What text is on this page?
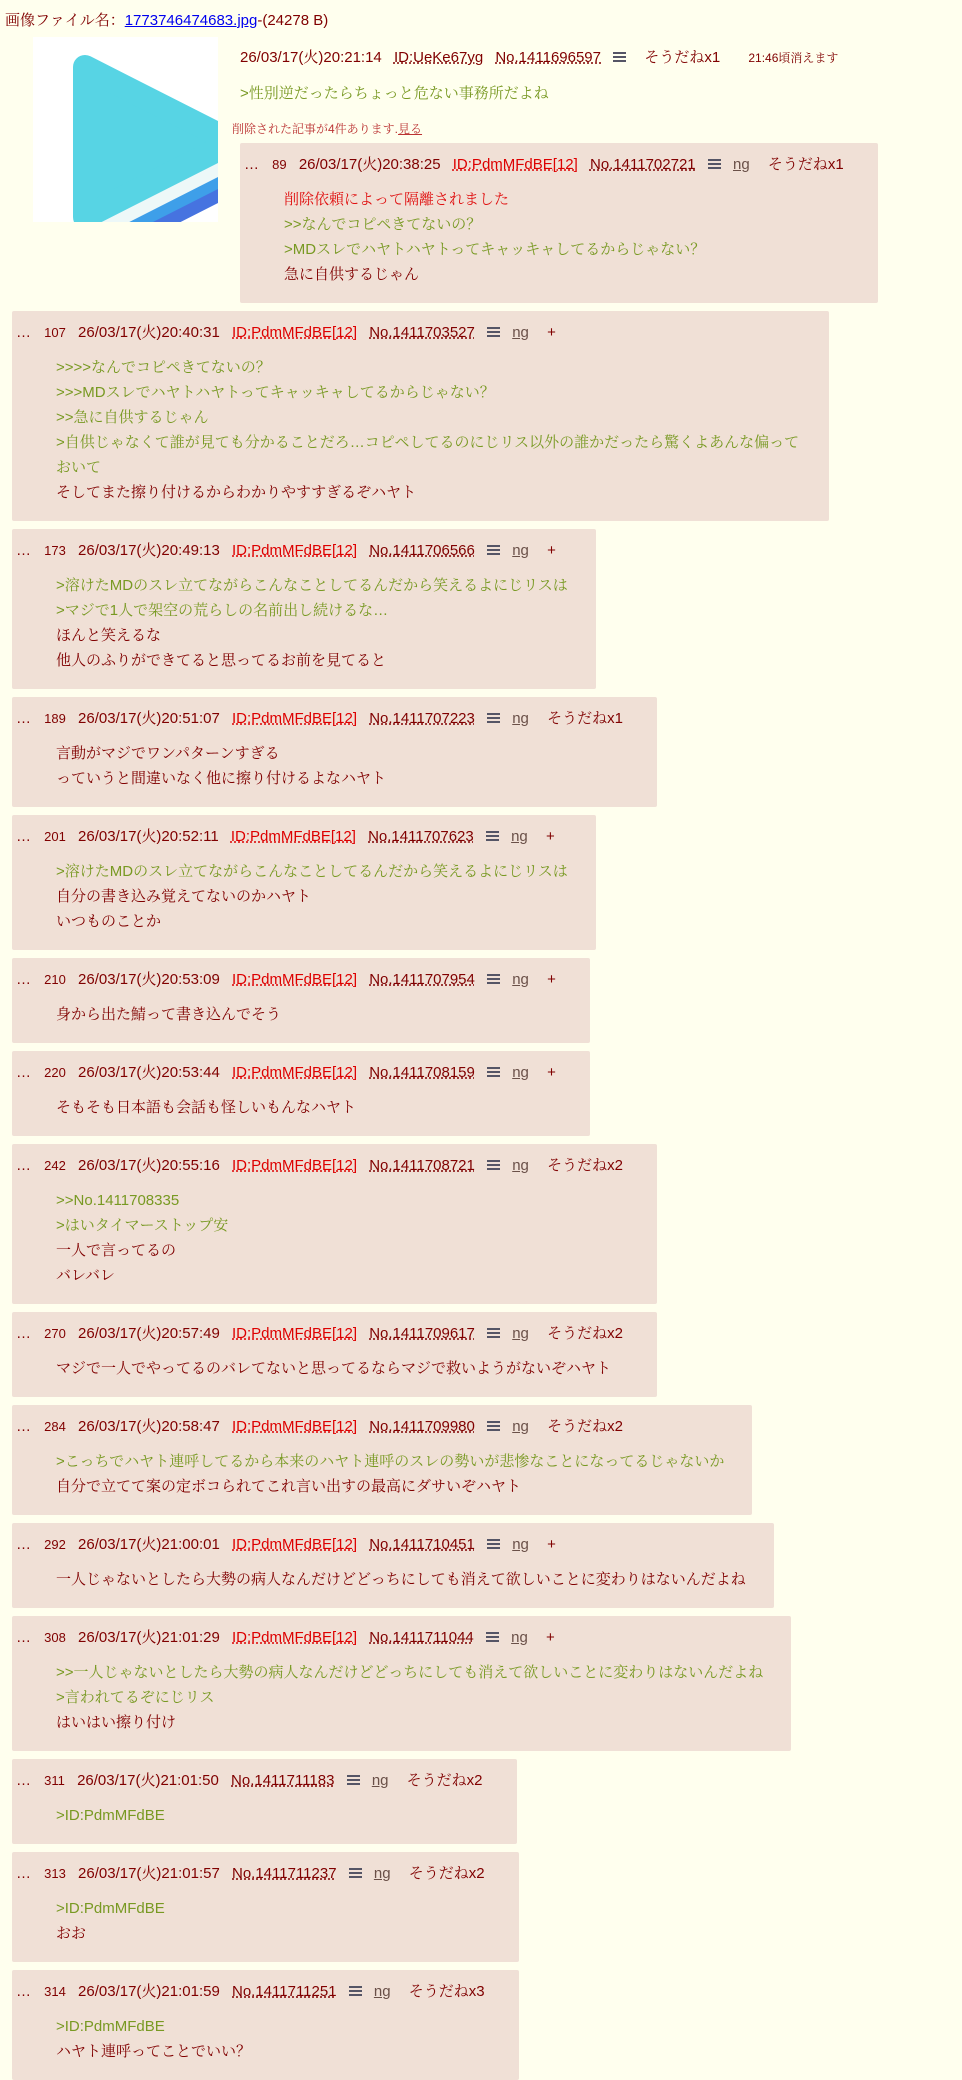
画像ファイル名：1773746474683.jpg-(24278 B)
26/03/17(火)20:21:14 ID:UeKe67yg No.1411696597	そうだねx1 21:46頃消えます
>性別逆だったらちょっと危ない事務所だよね
削除された記事が4件あります.見る
… 89 26/03/17(火)20:38:25 ID:PdmMFdBE[12] No.1411702721 ng そうだねx1
削除依頼によって隔離されました
>>なんでコピペきてないの？
>MDスレでハヤトハヤトってキャッキャしてるからじゃない？
急に自供するじゃん
… 107 26/03/17(火)20:40:31 ID:PdmMFdBE[12] No.1411703527 ng +
>>>>なんでコピペきてないの？
>>>MDスレでハヤトハヤトってキャッキャしてるからじゃない？
>>急に自供するじゃん
>自供じゃなくて誰が見ても分かることだろ…コピペしてるのにじリス以外の誰かだったら驚くよあんな偏っておいて
そしてまた擦り付けるからわかりやすすぎるぞハヤト
… 173 26/03/17(火)20:49:13 ID:PdmMFdBE[12] No.1411706566 ng +
>溶けたMDのスレ立てながらこんなことしてるんだから笑えるよにじリスは
>マジで1人で架空の荒らしの名前出し続けるな…
ほんと笑えるな
他人のふりができてると思ってるお前を見てると
… 189 26/03/17(火)20:51:07 ID:PdmMFdBE[12] No.1411707223 ng そうだねx1
言動がマジでワンパターンすぎる
っていうと間違いなく他に擦り付けるよなハヤト
… 201 26/03/17(火)20:52:11 ID:PdmMFdBE[12] No.1411707623 ng +
>溶けたMDのスレ立てながらこんなことしてるんだから笑えるよにじリスは
自分の書き込み覚えてないのかハヤト
いつものことか
… 210 26/03/17(火)20:53:09 ID:PdmMFdBE[12] No.1411707954 ng +
身から出た鯖って書き込んでそう
… 220 26/03/17(火)20:53:44 ID:PdmMFdBE[12] No.1411708159 ng +
そもそも日本語も会話も怪しいもんなハヤト
… 242 26/03/17(火)20:55:16 ID:PdmMFdBE[12] No.1411708721 ng そうだねx2
>>No.1411708335
>はいタイマーストップ安
一人で言ってるの
バレバレ
… 270 26/03/17(火)20:57:49 ID:PdmMFdBE[12] No.1411709617 ng そうだねx2
マジで一人でやってるのバレてないと思ってるならマジで救いようがないぞハヤト
… 284 26/03/17(火)20:58:47 ID:PdmMFdBE[12] No.1411709980 ng そうだねx2
>こっちでハヤト連呼してるから本来のハヤト連呼のスレの勢いが悲惨なことになってるじゃないか
自分で立てて案の定ボコられてこれ言い出すの最高にダサいぞハヤト
… 292 26/03/17(火)21:00:01 ID:PdmMFdBE[12] No.1411710451 ng +
一人じゃないとしたら大勢の病人なんだけどどっちにしても消えて欲しいことに変わりはないんだよね
… 308 26/03/17(火)21:01:29 ID:PdmMFdBE[12] No.1411711044 ng +
>>一人じゃないとしたら大勢の病人なんだけどどっちにしても消えて欲しいことに変わりはないんだよね
>言われてるぞにじリス
はいはい擦り付け
… 311 26/03/17(火)21:01:50 No.1411711183 ng そうだねx2
>ID:PdmMFdBE
… 313 26/03/17(火)21:01:57 No.1411711237 ng そうだねx2
>ID:PdmMFdBE
おお
… 314 26/03/17(火)21:01:59 No.1411711251 ng そうだねx3
>ID:PdmMFdBE
ハヤト連呼ってことでいい？
